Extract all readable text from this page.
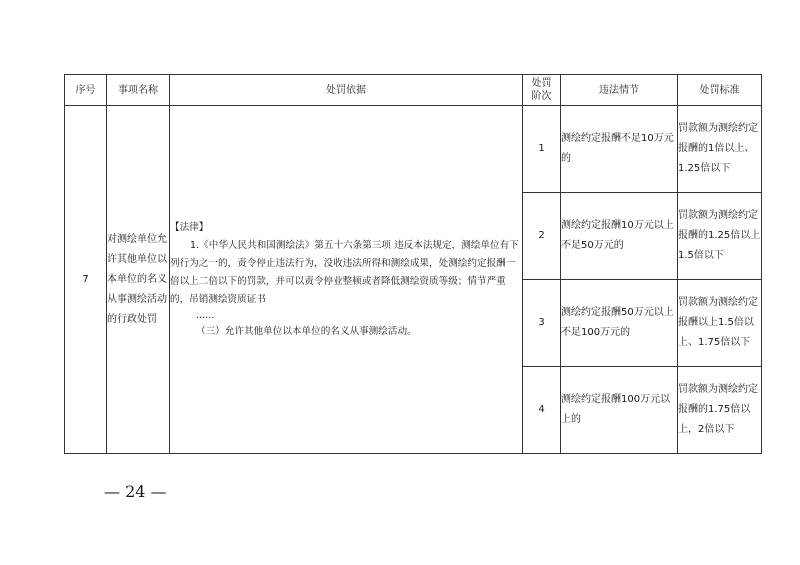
序号	事项名称	处罚依据	处罚阶次	违法情节	处罚标准
7	对测绘单位允许其他单位以本单位的名义从事测绘活动的行政处罚	【法律】
1.《中华人民共和国测绘法》第五十六条第三项 违反本法规定，测绘单位有下列行为之一的，责令停止违法行为，没收违法所得和测绘成果，处测绘约定报酬一倍以上二倍以下的罚款，并可以责令停业整顿或者降低测绘资质等级；情节严重的，吊销测绘资质证书
......
（三）允许其他单位以本单位的名义从事测绘活动。	1	测绘约定报酬不足10万元的	罚款额为测绘约定报酬的1倍以上、1.25倍以下
			2	测绘约定报酬10万元以上不足50万元的	罚款额为测绘约定报酬的1.25倍以上1.5倍以下
			3	测绘约定报酬50万元以上不足100万元的	罚款额为测绘约定报酬以上1.5倍以上、1.75倍以下
			4	测绘约定报酬100万元以上的	罚款额为测绘约定报酬的1.75倍以上，2倍以下
— 24 —
